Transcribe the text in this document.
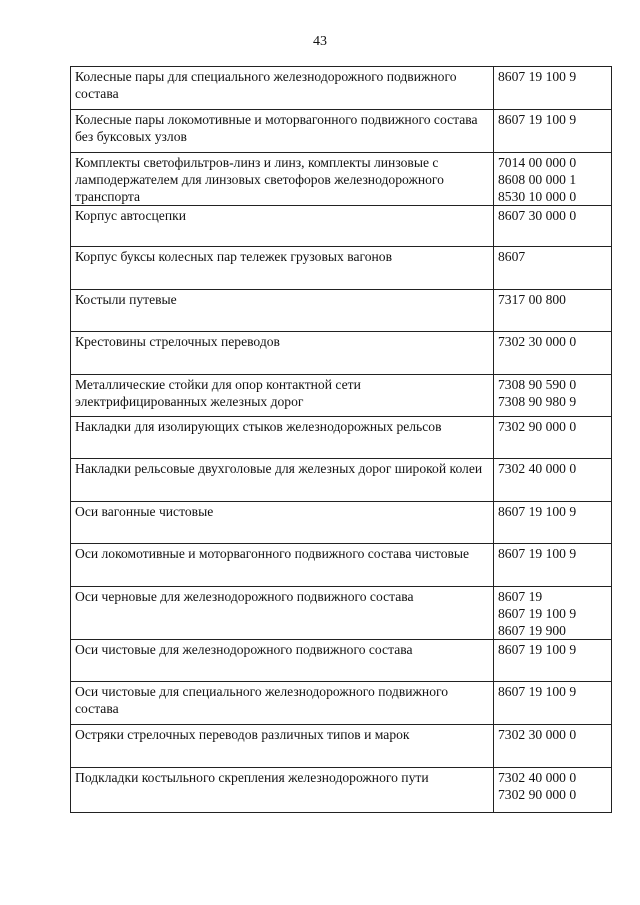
43
Колесные пары для специального железнодорожного подвижного состава	8607 19 100 9

Колесные пары локомотивные и моторвагонного подвижного состава без буксовых узлов	8607 19 100 9

Комплекты светофильтров-линз и линз, комплекты линзовые с ламподержателем для линзовых светофоров железнодорожного транспорта	7014 00 000 0
8608 00 000 1
8530 10 000 0

Корпус автосцепки	8607 30 000 0

Корпус буксы колесных пар тележек грузовых вагонов	8607

Костыли путевые	7317 00 800

Крестовины стрелочных переводов	7302 30 000 0

Металлические стойки для опор контактной сети электрифицированных железных дорог	7308 90 590 0
7308 90 980 9

Накладки для изолирующих стыков железнодорожных рельсов	7302 90 000 0

Накладки рельсовые двухголовые для железных дорог широкой колеи	7302 40 000 0

Оси вагонные чистовые	8607 19 100 9

Оси локомотивные и моторвагонного подвижного состава чистовые	8607 19 100 9

Оси черновые для железнодорожного подвижного состава	8607 19
8607 19 100 9
8607 19 900

Оси чистовые для железнодорожного подвижного состава	8607 19 100 9

Оси чистовые для специального железнодорожного подвижного состава	8607 19 100 9

Остряки стрелочных переводов различных типов и марок	7302 30 000 0

Подкладки костыльного скрепления железнодорожного пути	7302 40 000 0
7302 90 000 0
